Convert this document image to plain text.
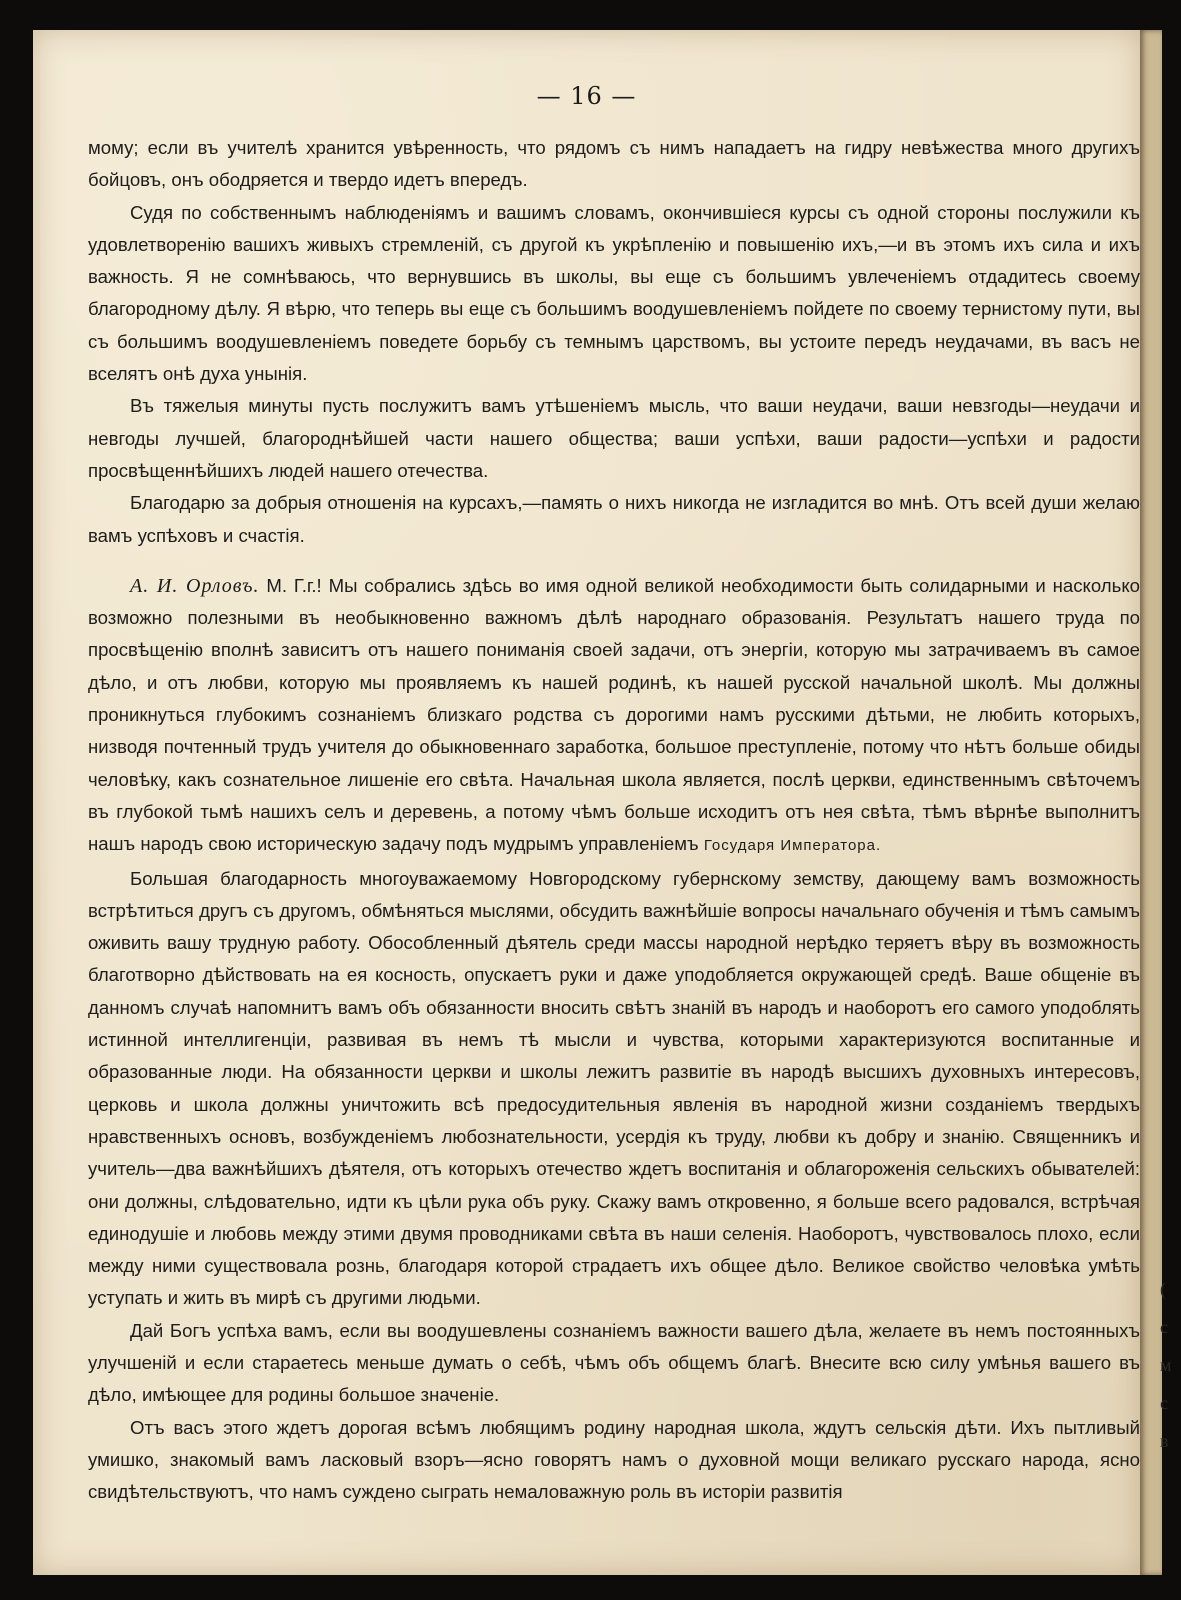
— 16 —

мому; если въ учителѣ хранится увѣренность, что рядомъ съ нимъ нападаетъ на гидру невѣжества много другихъ бойцовъ, онъ ободряется и твердо идетъ впередъ.

Судя по собственнымъ наблюденіямъ и вашимъ словамъ, окончившіеся курсы съ одной стороны послужили къ удовлетворенію вашихъ живыхъ стремленій, съ другой къ укрѣпленію и повышенію ихъ,—и въ этомъ ихъ сила и ихъ важность. Я не сомнѣваюсь, что вернувшись въ школы, вы еще съ большимъ увлеченіемъ отдадитесь своему благородному дѣлу. Я вѣрю, что теперь вы еще съ большимъ воодушевленіемъ пойдете по своему тернистому пути, вы съ большимъ воодушевленіемъ поведете борьбу съ темнымъ царствомъ, вы устоите передъ неудачами, въ васъ не вселятъ онѣ духа унынія.

Въ тяжелыя минуты пусть послужитъ вамъ утѣшеніемъ мысль, что ваши неудачи, ваши невзгоды—неудачи и невгоды лучшей, благороднѣйшей части нашего общества; ваши успѣхи, ваши радости—успѣхи и радости просвѣщеннѣйшихъ людей нашего отечества.

Благодарю за добрыя отношенія на курсахъ,—память о нихъ никогда не изгладится во мнѣ. Отъ всей души желаю вамъ успѣховъ и счастія.

А. И. Орловъ. М. Г.г.! Мы собрались здѣсь во имя одной великой необходимости быть солидарными и насколько возможно полезными въ необыкновенно важномъ дѣлѣ народнаго образованія. Результатъ нашего труда по просвѣщенію вполнѣ зависитъ отъ нашего пониманія своей задачи, отъ энергіи, которую мы затрачиваемъ въ самое дѣло, и отъ любви, которую мы проявляемъ къ нашей родинѣ, къ нашей русской начальной школѣ. Мы должны проникнуться глубокимъ сознаніемъ близкаго родства съ дорогими намъ русскими дѣтьми, не любить которыхъ, низводя почтенный трудъ учителя до обыкновеннаго заработка, большое преступленіе, потому что нѣтъ больше обиды человѣку, какъ сознательное лишеніе его свѣта. Начальная школа является, послѣ церкви, единственнымъ свѣточемъ въ глубокой тьмѣ нашихъ селъ и деревень, а потому чѣмъ больше исходитъ отъ нея свѣта, тѣмъ вѣрнѣе выполнитъ нашъ народъ свою историческую задачу подъ мудрымъ управленіемъ Государя Императора.

Большая благодарность многоуважаемому Новгородскому губернскому земству, дающему вамъ возможность встрѣтиться другъ съ другомъ, обмѣняться мыслями, обсудить важнѣйшіе вопросы начальнаго обученія и тѣмъ самымъ оживить вашу трудную работу. Обособленный дѣятель среди массы народной нерѣдко теряетъ вѣру въ возможность благотворно дѣйствовать на ея косность, опускаетъ руки и даже уподобляется окружающей средѣ. Ваше общеніе въ данномъ случаѣ напомнитъ вамъ объ обязанности вносить свѣтъ знаній въ народъ и наоборотъ его самого уподоблять истинной интеллигенціи, развивая въ немъ тѣ мысли и чувства, которыми характеризуются воспитанные и образованные люди. На обязанности церкви и школы лежитъ развитіе въ народѣ высшихъ духовныхъ интересовъ, церковь и школа должны уничтожить всѣ предосудительныя явленія въ народной жизни созданіемъ твердыхъ нравственныхъ основъ, возбужденіемъ любознательности, усердія къ труду, любви къ добру и знанію. Священникъ и учитель—два важнѣйшихъ дѣятеля, отъ которыхъ отечество ждетъ воспитанія и облагороженія сельскихъ обывателей: они должны, слѣдовательно, идти къ цѣли рука объ руку. Скажу вамъ откровенно, я больше всего радовался, встрѣчая единодушіе и любовь между этими двумя проводниками свѣта въ наши селенія. Наоборотъ, чувствовалось плохо, если между ними существовала рознь, благодаря которой страдаетъ ихъ общее дѣло. Великое свойство человѣка умѣть уступать и жить въ мирѣ съ другими людьми.

Дай Богъ успѣха вамъ, если вы воодушевлены сознаніемъ важности вашего дѣла, желаете въ немъ постоянныхъ улучшеній и если стараетесь меньше думать о себѣ, чѣмъ объ общемъ благѣ. Внесите всю силу умѣнья вашего въ дѣло, имѣющее для родины большое значеніе.

Отъ васъ этого ждетъ дорогая всѣмъ любящимъ родину народная школа, ждутъ сельскія дѣти. Ихъ пытливый умишко, знакомый вамъ ласковый взоръ—ясно говорятъ намъ о духовной мощи великаго русскаго народа, ясно свидѣтельствуютъ, что намъ суждено сыграть немаловажную роль въ исторіи развитія

(
c
м
c
в
